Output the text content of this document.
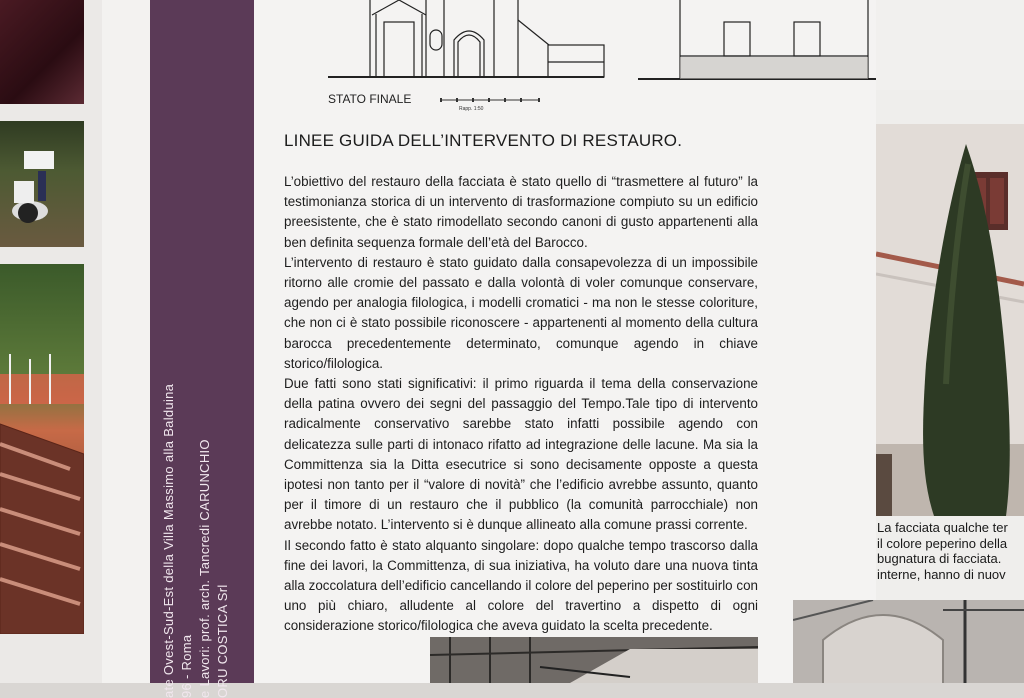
ate Ovest-Sud-Est della Villa Massimo alla Balduina 96 - Roma e Lavori: prof. arch. Tancredi CARUNCHIO ORU COSTICA Srl
STATO FINALE
Rapp. 1:50
LINEE GUIDA DELL’INTERVENTO DI RESTAURO.

L’obiettivo del restauro della facciata è stato quello di “trasmettere al futuro” la testimonianza storica di un intervento di trasformazione compiuto su un edificio preesistente, che è stato rimodellato secondo canoni di gusto appartenenti alla ben definita sequenza formale dell’età del Barocco.

L’intervento di restauro è stato guidato dalla consapevolezza di un impossibile ritorno alle cromie del passato e dalla volontà di voler comunque conservare, agendo per analogia filologica, i modelli cromatici - ma non le stesse coloriture, che non ci è stato possibile riconoscere - appartenenti al momento della cultura barocca precedentemente determinato, comunque agendo in chiave storico/filologica.

Due fatti sono stati significativi: il primo riguarda il tema della conservazione della patina ovvero dei segni del passaggio del Tempo.Tale tipo di intervento radicalmente conservativo sarebbe stato infatti possibile agendo con delicatezza sulle parti di intonaco rifatto ad integrazione delle lacune. Ma sia la Committenza sia la Ditta esecutrice si sono decisamente opposte a questa ipotesi non tanto per il “valore di novità” che l’edificio avrebbe assunto, quanto per il timore di un restauro che il pubblico (la comunità parrocchiale) non avrebbe notato. L’intervento si è dunque allineato alla comune prassi corrente.

Il secondo fatto è stato alquanto singolare: dopo qualche tempo trascorso dalla fine dei lavori, la Committenza, di sua iniziativa, ha voluto dare una nuova tinta alla zoccolatura dell’edificio cancellando il colore del peperino per sostituirlo con uno più chiaro, alludente al colore del travertino a dispetto di ogni considerazione storico/filologica che aveva guidato la scelta precedente.

La facciata qualche ter
il colore peperino della
bugnatura di facciata.
interne, hanno di nuov
